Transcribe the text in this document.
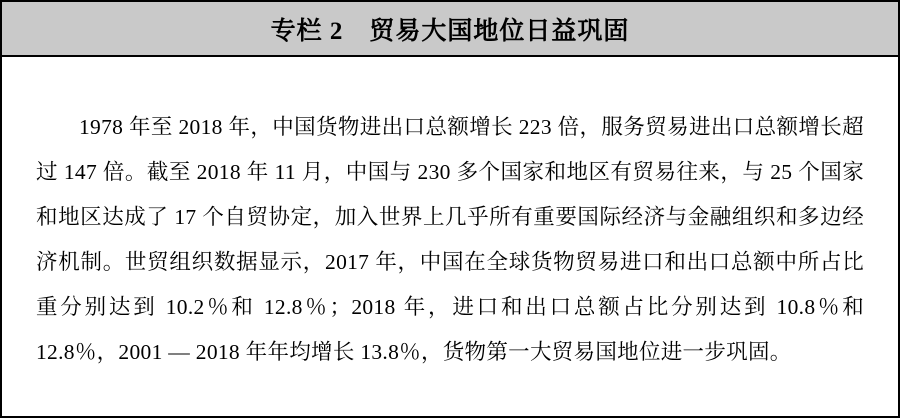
专栏 2　贸易大国地位日益巩固

1978 年至 2018 年，中国货物进出口总额增长 223 倍，服务贸易进出口总额增长超过 147 倍。截至 2018 年 11 月，中国与 230 多个国家和地区有贸易往来，与 25 个国家和地区达成了 17 个自贸协定，加入世界上几乎所有重要国际经济与金融组织和多边经济机制。世贸组织数据显示，2017 年，中国在全球货物贸易进口和出口总额中所占比重分别达到 10.2％和 12.8％；2018 年，进口和出口总额占比分别达到 10.8％和 12.8％，2001 — 2018 年年均增长 13.8％，货物第一大贸易国地位进一步巩固。
